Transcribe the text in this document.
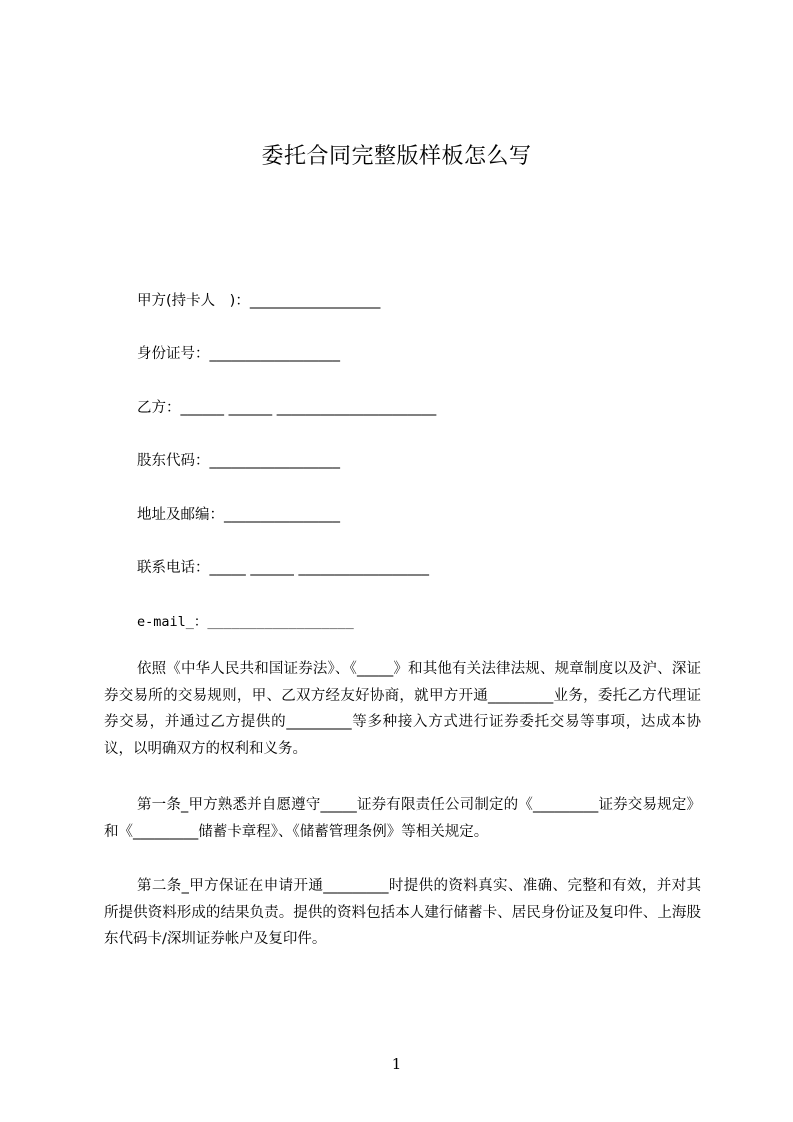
委托合同完整版样板怎么写
甲方(持卡人　)：__________________
身份证号：__________________
乙方：______ ______ ______________________
股东代码：__________________
地址及邮编：________________
联系电话：_____ ______ __________________
e-mail_：__________________
依照《中华人民共和国证券法》、《_____》和其他有关法律法规、规章制度以及沪、深证券交易所的交易规则，甲、乙双方经友好协商，就甲方开通_________业务，委托乙方代理证券交易，并通过乙方提供的_________等多种接入方式进行证券委托交易等事项，达成本协议，以明确双方的权利和义务。
第一条_甲方熟悉并自愿遵守_____证券有限责任公司制定的《_________证券交易规定》和《_________储蓄卡章程》、《储蓄管理条例》等相关规定。
第二条_甲方保证在申请开通_________时提供的资料真实、准确、完整和有效，并对其所提供资料形成的结果负责。提供的资料包括本人建行储蓄卡、居民身份证及复印件、上海股东代码卡/深圳证券帐户及复印件。
1
